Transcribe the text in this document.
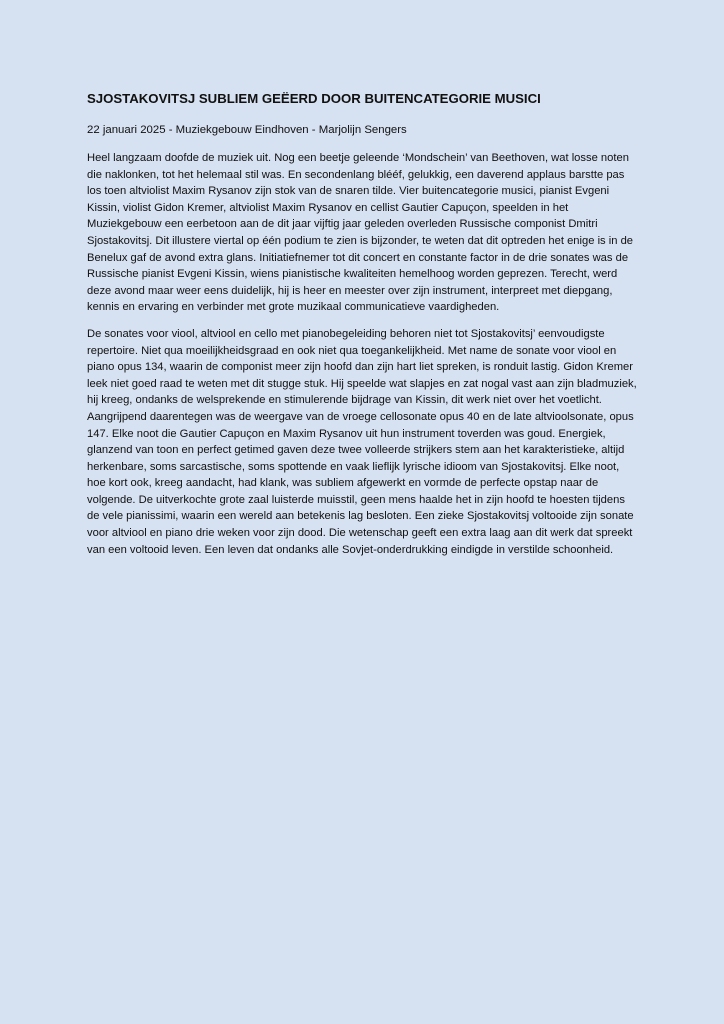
SJOSTAKOVITSJ SUBLIEM GEËERD DOOR BUITENCATEGORIE MUSICI

22 januari 2025 - Muziekgebouw Eindhoven - Marjolijn Sengers

Heel langzaam doofde de muziek uit. Nog een beetje geleende ‘Mondschein’ van Beethoven, wat losse noten die naklonken, tot het helemaal stil was. En secondenlang blééf, gelukkig, een daverend applaus barstte pas los toen altviolist Maxim Rysanov zijn stok van de snaren tilde. Vier buitencategorie musici, pianist Evgeni Kissin, violist Gidon Kremer, altviolist Maxim Rysanov en cellist Gautier Capuçon, speelden in het Muziekgebouw een eerbetoon aan de dit jaar vijftig jaar geleden overleden Russische componist Dmitri Sjostakovitsj. Dit illustere viertal op één podium te zien is bijzonder, te weten dat dit optreden het enige is in de Benelux gaf de avond extra glans. Initiatiefnemer tot dit concert en constante factor in de drie sonates was de Russische pianist Evgeni Kissin, wiens pianistische kwaliteiten hemelhoog worden geprezen. Terecht, werd deze avond maar weer eens duidelijk, hij is heer en meester over zijn instrument, interpreet met diepgang, kennis en ervaring en verbinder met grote muzikaal communicatieve vaardigheden.

De sonates voor viool, altviool en cello met pianobegeleiding behoren niet tot Sjostakovitsj’ eenvoudigste repertoire. Niet qua moeilijkheidsgraad en ook niet qua toegankelijkheid. Met name de sonate voor viool en piano opus 134, waarin de componist meer zijn hoofd dan zijn hart liet spreken, is ronduit lastig. Gidon Kremer leek niet goed raad te weten met dit stugge stuk. Hij speelde wat slapjes en zat nogal vast aan zijn bladmuziek, hij kreeg, ondanks de welsprekende en stimulerende bijdrage van Kissin, dit werk niet over het voetlicht. Aangrijpend daarentegen was de weergave van de vroege cellosonate opus 40 en de late altvioolsonate, opus 147. Elke noot die Gautier Capuçon en Maxim Rysanov uit hun instrument toverden was goud. Energiek, glanzend van toon en perfect getimed gaven deze twee volleerde strijkers stem aan het karakteristieke, altijd herkenbare, soms sarcastische, soms spottende en vaak lieflijk lyrische idioom van Sjostakovitsj. Elke noot, hoe kort ook, kreeg aandacht, had klank, was subliem afgewerkt en vormde de perfecte opstap naar de volgende. De uitverkochte grote zaal luisterde muisstil, geen mens haalde het in zijn hoofd te hoesten tijdens de vele pianissimi, waarin een wereld aan betekenis lag besloten. Een zieke Sjostakovitsj voltooide zijn sonate voor altviool en piano drie weken voor zijn dood. Die wetenschap geeft een extra laag aan dit werk dat spreekt van een voltooid leven. Een leven dat ondanks alle Sovjet-onderdrukking eindigde in verstilde schoonheid.
